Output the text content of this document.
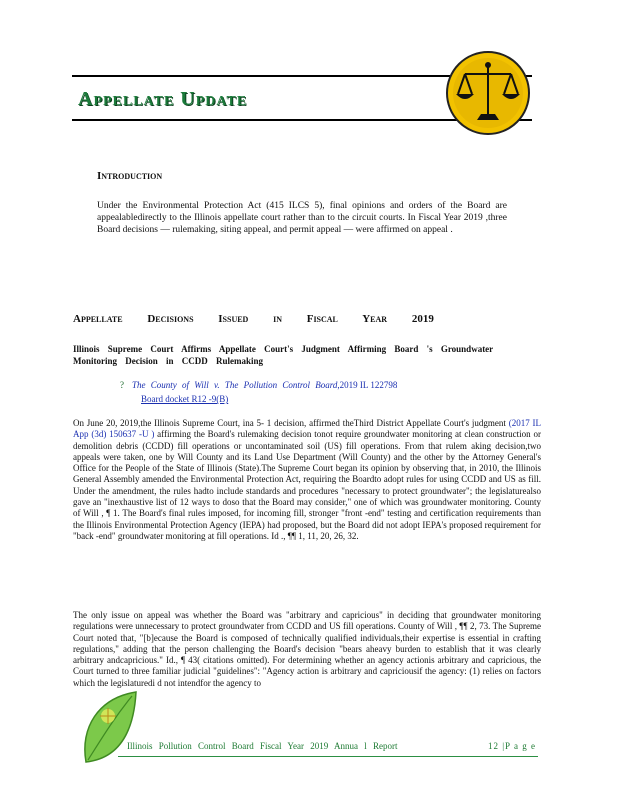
Appellate Update
Introduction
Under the Environmental Protection Act (415 ILCS 5), final opinions and orders of the Board are appealabledirectly to the Illinois appellate court rather than to the circuit courts. In Fiscal Year 2019 ,three Board decisions — rulemaking, siting appeal, and permit appeal — were affirmed on appeal .
Appellate Decisions Issued in Fiscal Year 2019
Illinois Supreme Court Affirms Appellate Court's Judgment Affirming Board 's Groundwater Monitoring Decision in CCDD Rulemaking
? The County of Will v. The Pollution Control Board,2019 IL 122798
Board docket R12 -9(B)
On June 20, 2019,the Illinois Supreme Court, ina 5- 1 decision, affirmed theThird District Appellate Court's judgment (2017 IL App (3d) 150637 -U ) affirming the Board's rulemaking decision tonot require groundwater monitoring at clean construction or demolition debris (CCDD) fill operations or uncontaminated soil (US) fill operations. From that rulem aking decision,two appeals were taken, one by Will County and its Land Use Department (Will County) and the other by the Attorney General's Office for the People of the State of Illinois (State).The Supreme Court began its opinion by observing that, in 2010, the Illinois General Assembly amended the Environmental Protection Act, requiring the Boardto adopt rules for using CCDD and US as fill. Under the amendment, the rules hadto include standards and procedures "necessary to protect groundwater"; the legislaturealso gave an "inexhaustive list of 12 ways to doso that the Board may consider," one of which was groundwater monitoring. County of Will , ¶ 1. The Board's final rules imposed, for incoming fill, stronger "front -end" testing and certification requirements than the Illinois Environmental Protection Agency (IEPA) had proposed, but the Board did not adopt IEPA's proposed requirement for "back -end" groundwater monitoring at fill operations. Id ., ¶¶ 1, 11, 20, 26, 32.
The only issue on appeal was whether the Board was "arbitrary and capricious" in deciding that groundwater monitoring regulations were unnecessary to protect groundwater from CCDD and US fill operations. County of Will , ¶¶ 2, 73. The Supreme Court noted that, "[b]ecause the Board is composed of technically qualified individuals,their expertise is essential in crafting regulations," adding that the person challenging the Board's decision "bears aheavy burden to establish that it was clearly arbitrary andcapricious." Id., ¶ 43( citations omitted). For determining whether an agency actionis arbitrary and capricious, the Court turned to three familiar judicial "guidelines": "Agency action is arbitrary and capriciousif the agency: (1) relies on factors which the legislaturedi d not intendfor the agency to
Illinois Pollution Control Board Fiscal Year 2019 Annua l Report	12 |P a g e
